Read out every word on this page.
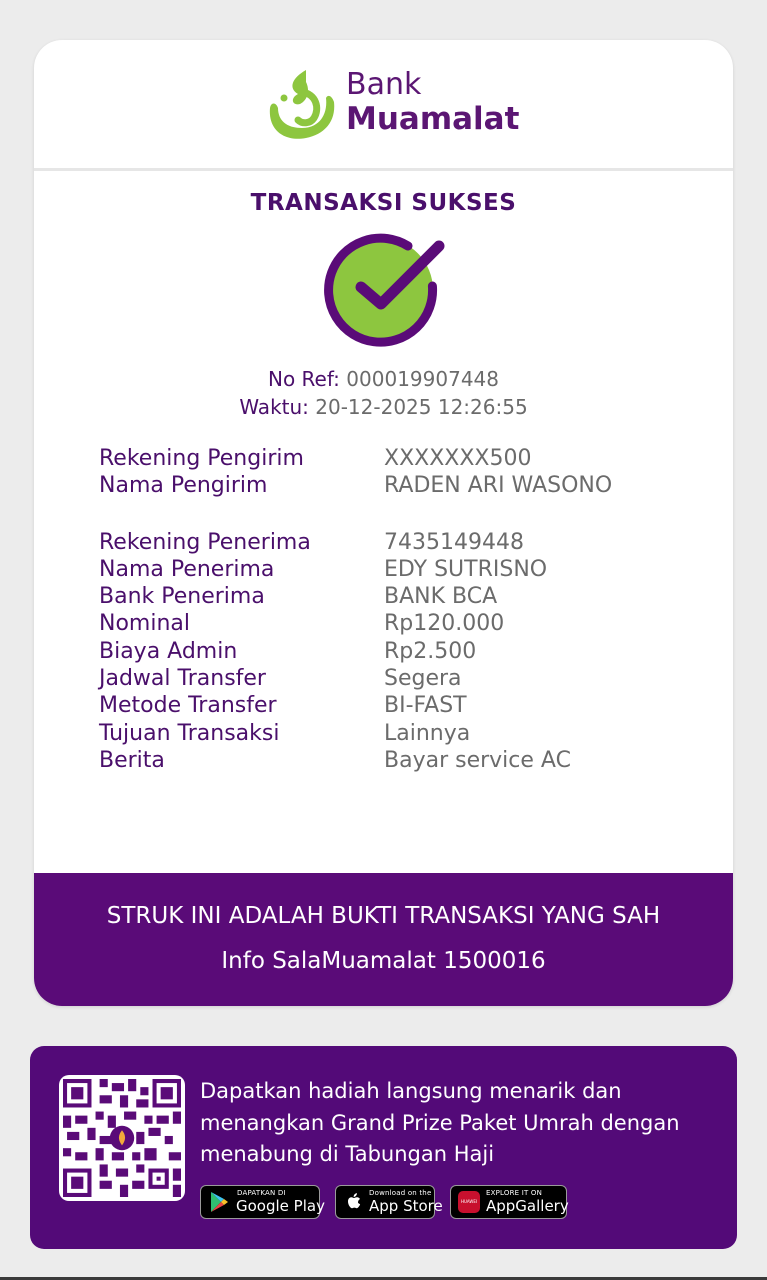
Bank
Muamalat
TRANSAKSI SUKSES
No Ref: 000019907448
Waktu: 20-12-2025 12:26:55
Rekening Pengirim	XXXXXXX500
Nama Pengirim	RADEN ARI WASONO
Rekening Penerima	7435149448
Nama Penerima	EDY SUTRISNO
Bank Penerima	BANK BCA
Nominal	Rp120.000
Biaya Admin	Rp2.500
Jadwal Transfer	Segera
Metode Transfer	BI-FAST
Tujuan Transaksi	Lainnya
Berita	Bayar service AC
STRUK INI ADALAH BUKTI TRANSAKSI YANG SAH
Info SalaMuamalat 1500016
Dapatkan hadiah langsung menarik dan menangkan Grand Prize Paket Umrah dengan menabung di Tabungan Haji
DAPATKAN DI
Google Play
Download on the
App Store	HUAWEI
EXPLORE IT ON
AppGallery
